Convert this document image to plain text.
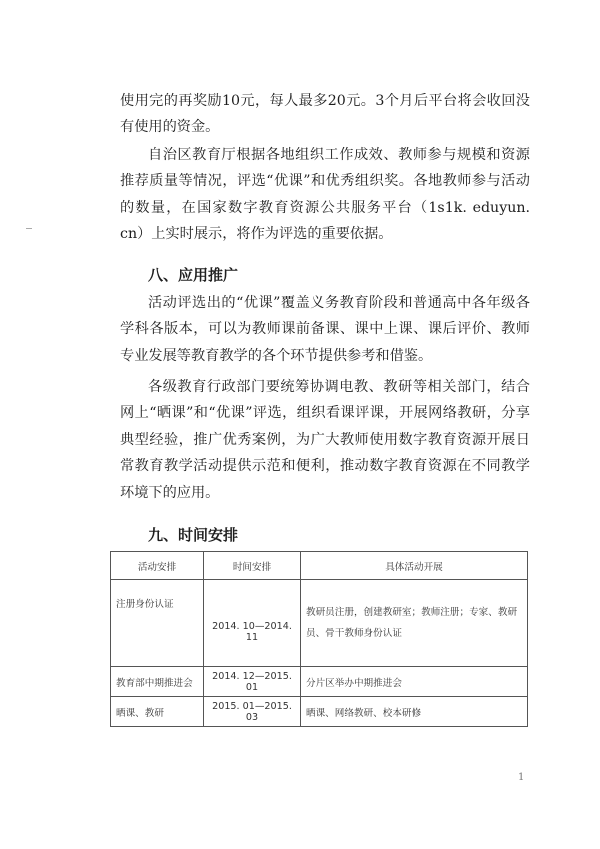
使用完的再奖励10元，每人最多20元。3个月后平台将会收回没有使用的资金。

自治区教育厅根据各地组织工作成效、教师参与规模和资源推荐质量等情况，评选“优课”和优秀组织奖。各地教师参与活动的数量，在国家数字教育资源公共服务平台（1s1k. eduyun. cn）上实时展示，将作为评选的重要依据。

八、应用推广

活动评选出的“优课”覆盖义务教育阶段和普通高中各年级各学科各版本，可以为教师课前备课、课中上课、课后评价、教师专业发展等教育教学的各个环节提供参考和借鉴。

各级教育行政部门要统筹协调电教、教研等相关部门，结合网上“晒课”和“优课”评选，组织看课评课，开展网络教研，分享典型经验，推广优秀案例，为广大教师使用数字教育资源开展日常教育教学活动提供示范和便利，推动数字教育资源在不同教学环境下的应用。

九、时间安排
活动安排	时间安排	具体活动开展
注册身份认证	2014. 10—2014. 11	教研员注册，创建教研室；教师注册；专家、教研员、骨干教师身份认证
教育部中期推进会	2014. 12—2015. 01	分片区举办中期推进会
晒课、教研	2015. 01—2015. 03	晒课、网络教研、校本研修
1
